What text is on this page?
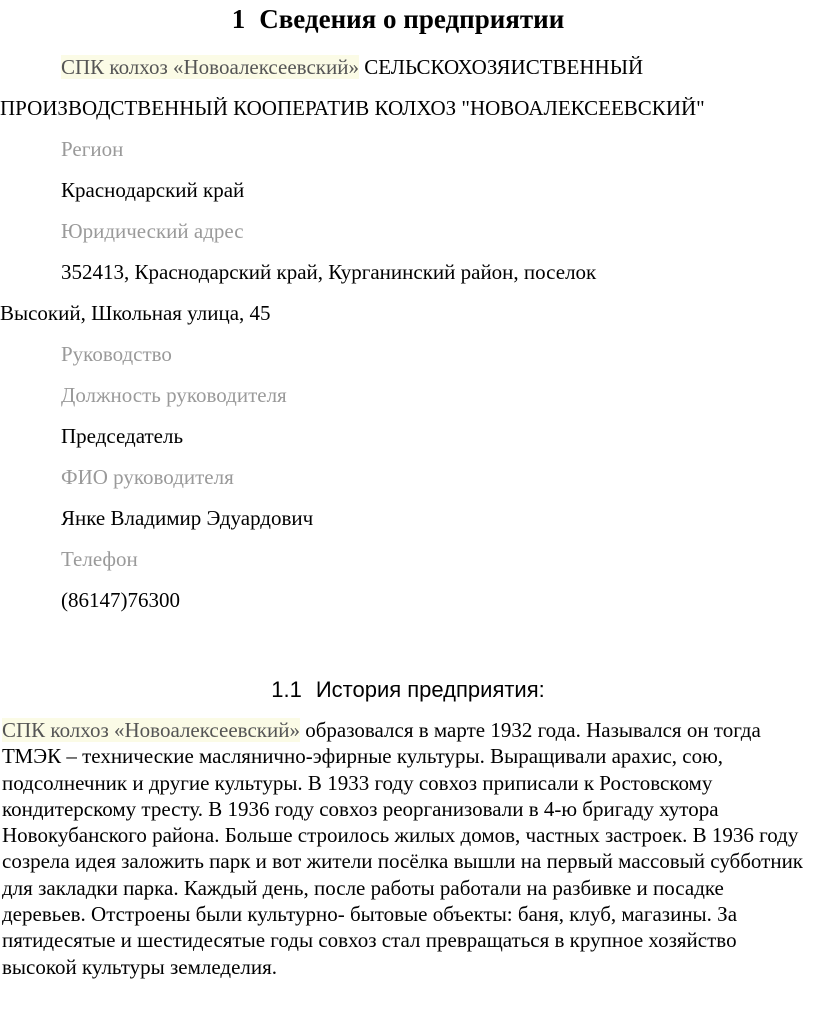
1 Сведения о предприятии
СПК колхоз «Новоалексеевский» СЕЛЬСКОХОЗЯИСТВЕННЫЙ
ПРОИЗВОДСТВЕННЫЙ КООПЕРАТИВ КОЛХОЗ "НОВОАЛЕКСЕЕВСКИЙ"
Регион
Краснодарский край
Юридический адрес
352413, Краснодарский край, Курганинский район, поселок
Высокий, Школьная улица, 45
Руководство
Должность руководителя
Председатель
ФИО руководителя
Янке Владимир Эдуардович
Телефон
(86147)76300
1.1 История предприятия:

СПК колхоз «Новоалексеевский» образовался в марте 1932 года. Назывался он тогда ТМЭК – технические маслянично-эфирные культуры. Выращивали арахис, сою, подсолнечник и другие культуры. В 1933 году совхоз приписали к Ростовскому кондитерскому тресту. В 1936 году совхоз реорганизовали в 4-ю бригаду хутора Новокубанского района. Больше строилось жилых домов, частных застроек. В 1936 году созрела идея заложить парк и вот жители посёлка вышли на первый массовый субботник для закладки парка. Каждый день, после работы работали на разбивке и посадке деревьев. Отстроены были культурно- бытовые объекты: баня, клуб, магазины. За пятидесятые и шестидесятые годы совхоз стал превращаться в крупное хозяйство высокой культуры земледелия.
